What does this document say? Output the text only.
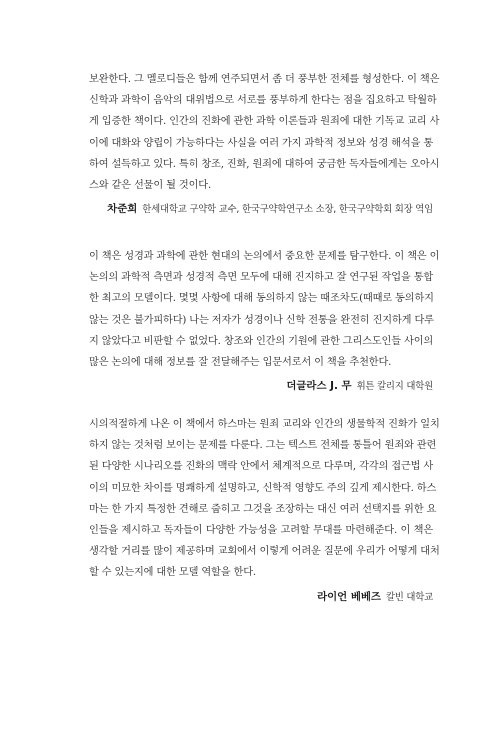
보완한다. 그 멜로디들은 함께 연주되면서 좀 더 풍부한 전체를 형성한다. 이 책은
신학과 과학이 음악의 대위법으로 서로를 풍부하게 한다는 점을 집요하고 탁월하
게 입증한 책이다. 인간의 진화에 관한 과학 이론들과 원죄에 대한 기독교 교리 사
이에 대화와 양립이 가능하다는 사실을 여러 가지 과학적 정보와 성경 해석을 통
하여 설득하고 있다. 특히 창조, 진화, 원죄에 대하여 궁금한 독자들에게는 오아시
스와 같은 선물이 될 것이다.

차준희 한세대학교 구약학 교수, 한국구약학연구소 소장, 한국구약학회 회장 역임

이 책은 성경과 과학에 관한 현대의 논의에서 중요한 문제를 탐구한다. 이 책은 이
논의의 과학적 측면과 성경적 측면 모두에 대해 진지하고 잘 연구된 작업을 통합
한 최고의 모델이다. 몇몇 사항에 대해 동의하지 않는 때조차도(때때로 동의하지
않는 것은 불가피하다) 나는 저자가 성경이나 신학 전통을 완전히 진지하게 다루
지 않았다고 비판할 수 없었다. 창조와 인간의 기원에 관한 그리스도인들 사이의
많은 논의에 대해 정보를 잘 전달해주는 입문서로서 이 책을 추천한다.

더글라스 J. 무 휘튼 칼리지 대학원

시의적절하게 나온 이 책에서 하스마는 원죄 교리와 인간의 생물학적 진화가 일치
하지 않는 것처럼 보이는 문제를 다룬다. 그는 텍스트 전체를 통틀어 원죄와 관련
된 다양한 시나리오를 진화의 맥락 안에서 체계적으로 다루며, 각각의 접근법 사
이의 미묘한 차이를 명쾌하게 설명하고, 신학적 영향도 주의 깊게 제시한다. 하스
마는 한 가지 특정한 견해로 줍히고 그것을 조장하는 대신 여러 선택지를 위한 요
인들을 제시하고 독자들이 다양한 가능성을 고려할 무대를 마련해준다. 이 책은
생각할 거리를 많이 제공하며 교회에서 이렇게 어려운 질문에 우리가 어떻게 대처
할 수 있는지에 대한 모델 역할을 한다.

라이언 베베즈 칼빈 대학교
